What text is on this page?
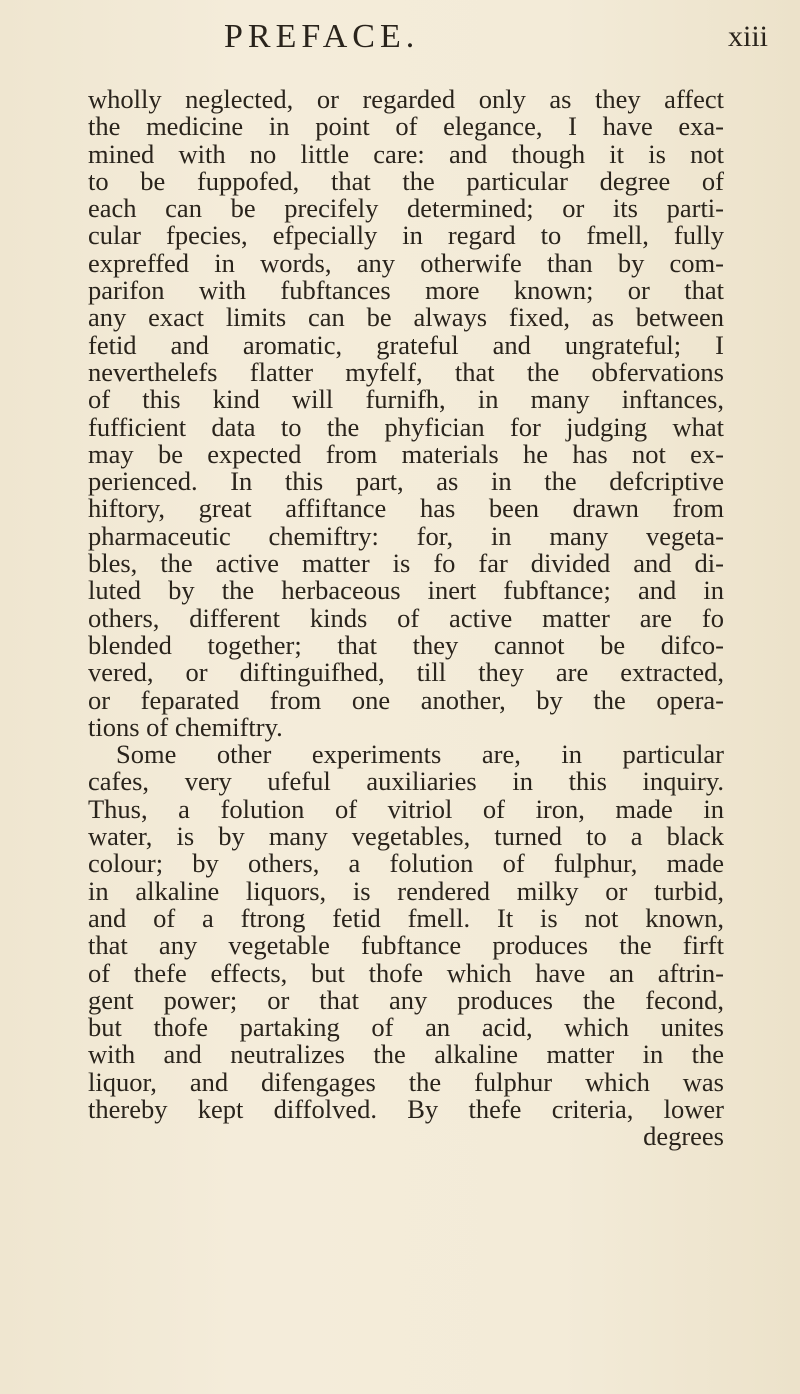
PREFACE.	xiii
wholly neglected, or regarded only as they affect
the medicine in point of elegance, I have exa-
mined with no little care: and though it is not
to be fuppofed, that the particular degree of
each can be precifely determined; or its parti-
cular fpecies, efpecially in regard to fmell, fully
expreffed in words, any otherwife than by com-
parifon with fubftances more known; or that
any exact limits can be always fixed, as between
fetid and aromatic, grateful and ungrateful; I
neverthelefs flatter myfelf, that the obfervations
of this kind will furnifh, in many inftances,
fufficient data to the phyfician for judging what
may be expected from materials he has not ex-
perienced. In this part, as in the defcriptive
hiftory, great affiftance has been drawn from
pharmaceutic chemiftry: for, in many vegeta-
bles, the active matter is fo far divided and di-
luted by the herbaceous inert fubftance; and in
others, different kinds of active matter are fo
blended together; that they cannot be difco-
vered, or diftinguifhed, till they are extracted,
or feparated from one another, by the opera-
tions of chemiftry.
Some other experiments are, in particular
cafes, very ufeful auxiliaries in this inquiry.
Thus, a folution of vitriol of iron, made in
water, is by many vegetables, turned to a black
colour; by others, a folution of fulphur, made
in alkaline liquors, is rendered milky or turbid,
and of a ftrong fetid fmell. It is not known,
that any vegetable fubftance produces the firft
of thefe effects, but thofe which have an aftrin-
gent power; or that any produces the fecond,
but thofe partaking of an acid, which unites
with and neutralizes the alkaline matter in the
liquor, and difengages the fulphur which was
thereby kept diffolved. By thefe criteria, lower
degrees
